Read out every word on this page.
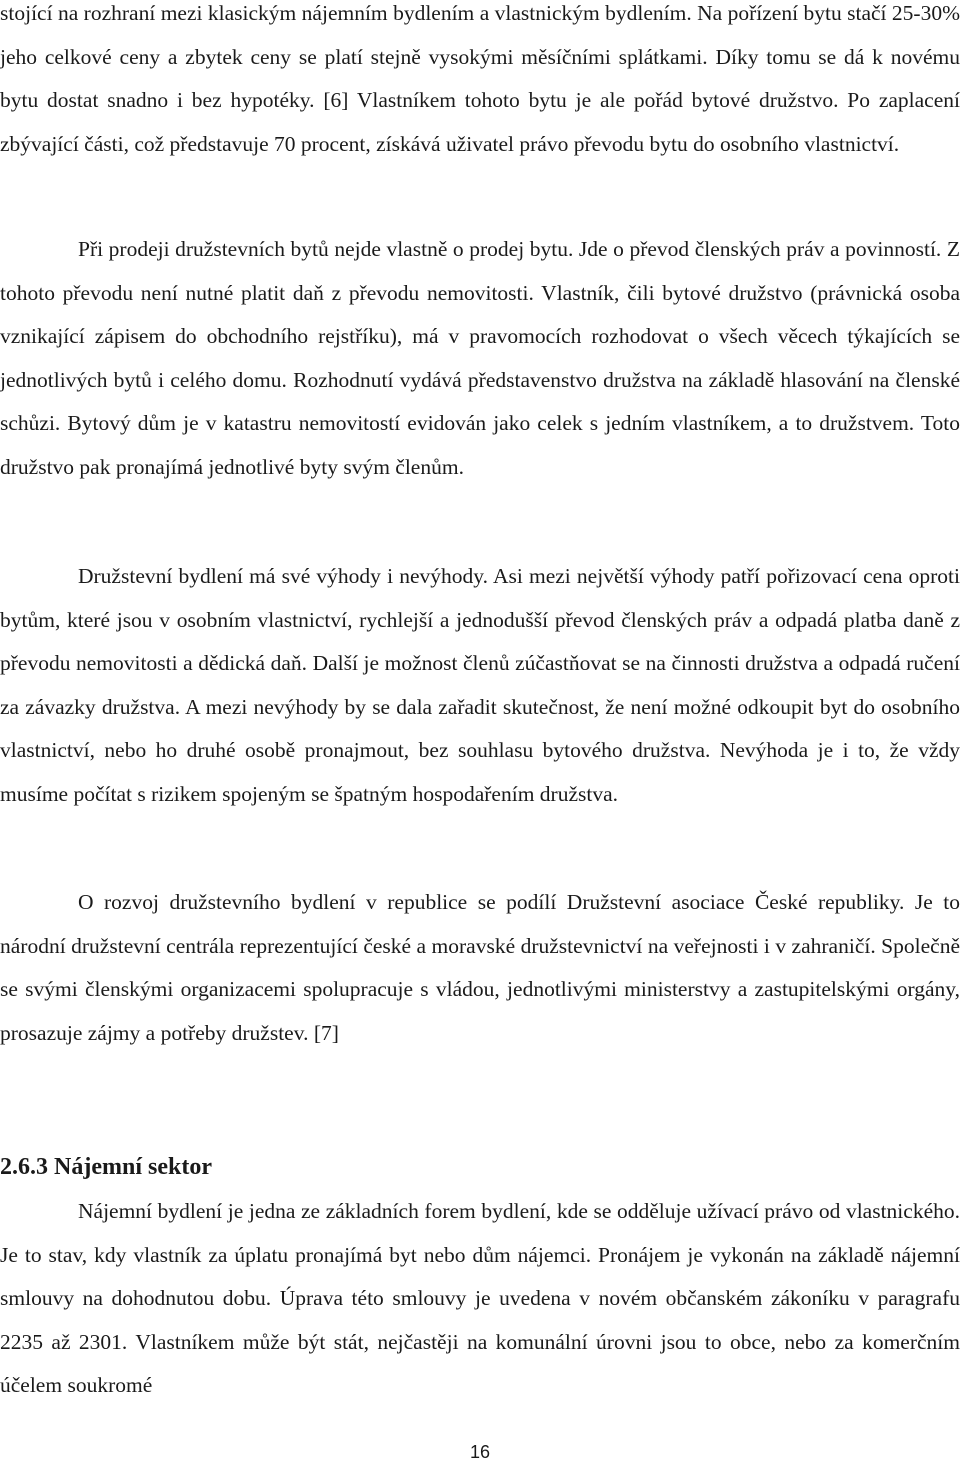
stojící na rozhraní mezi klasickým nájemním bydlením a vlastnickým bydlením. Na pořízení bytu stačí 25-30% jeho celkové ceny a zbytek ceny se platí stejně vysokými měsíčními splátkami. Díky tomu se dá k novému bytu dostat snadno i bez hypotéky. [6] Vlastníkem tohoto bytu je ale pořád bytové družstvo. Po zaplacení zbývající části, což představuje 70 procent, získává uživatel právo převodu bytu do osobního vlastnictví.

Při prodeji družstevních bytů nejde vlastně o prodej bytu. Jde o převod členských práv a povinností. Z tohoto převodu není nutné platit daň z převodu nemovitosti. Vlastník, čili bytové družstvo (právnická osoba vznikající zápisem do obchodního rejstříku), má v pravomocích rozhodovat o všech věcech týkajících se jednotlivých bytů i celého domu. Rozhodnutí vydává představenstvo družstva na základě hlasování na členské schůzi. Bytový dům je v katastru nemovitostí evidován jako celek s jedním vlastníkem, a to družstvem. Toto družstvo pak pronajímá jednotlivé byty svým členům.

Družstevní bydlení má své výhody i nevýhody. Asi mezi největší výhody patří pořizovací cena oproti bytům, které jsou v osobním vlastnictví, rychlejší a jednodušší převod členských práv a odpadá platba daně z převodu nemovitosti a dědická daň. Další je možnost členů zúčastňovat se na činnosti družstva a odpadá ručení za závazky družstva. A mezi nevýhody by se dala zařadit skutečnost, že není možné odkoupit byt do osobního vlastnictví, nebo ho druhé osobě pronajmout, bez souhlasu bytového družstva. Nevýhoda je i to, že vždy musíme počítat s rizikem spojeným se špatným hospodařením družstva.

O rozvoj družstevního bydlení v republice se podílí Družstevní asociace České republiky. Je to národní družstevní centrála reprezentující české a moravské družstevnictví na veřejnosti i v zahraničí. Společně se svými členskými organizacemi spolupracuje s vládou, jednotlivými ministerstvy a zastupitelskými orgány, prosazuje zájmy a potřeby družstev. [7]

2.6.3 Nájemní sektor

Nájemní bydlení je jedna ze základních forem bydlení, kde se odděluje užívací právo od vlastnického. Je to stav, kdy vlastník za úplatu pronajímá byt nebo dům nájemci. Pronájem je vykonán na základě nájemní smlouvy na dohodnutou dobu. Úprava této smlouvy je uvedena v novém občanském zákoníku v paragrafu 2235 až 2301. Vlastníkem může být stát, nejčastěji na komunální úrovni jsou to obce, nebo za komerčním účelem soukromé

16
